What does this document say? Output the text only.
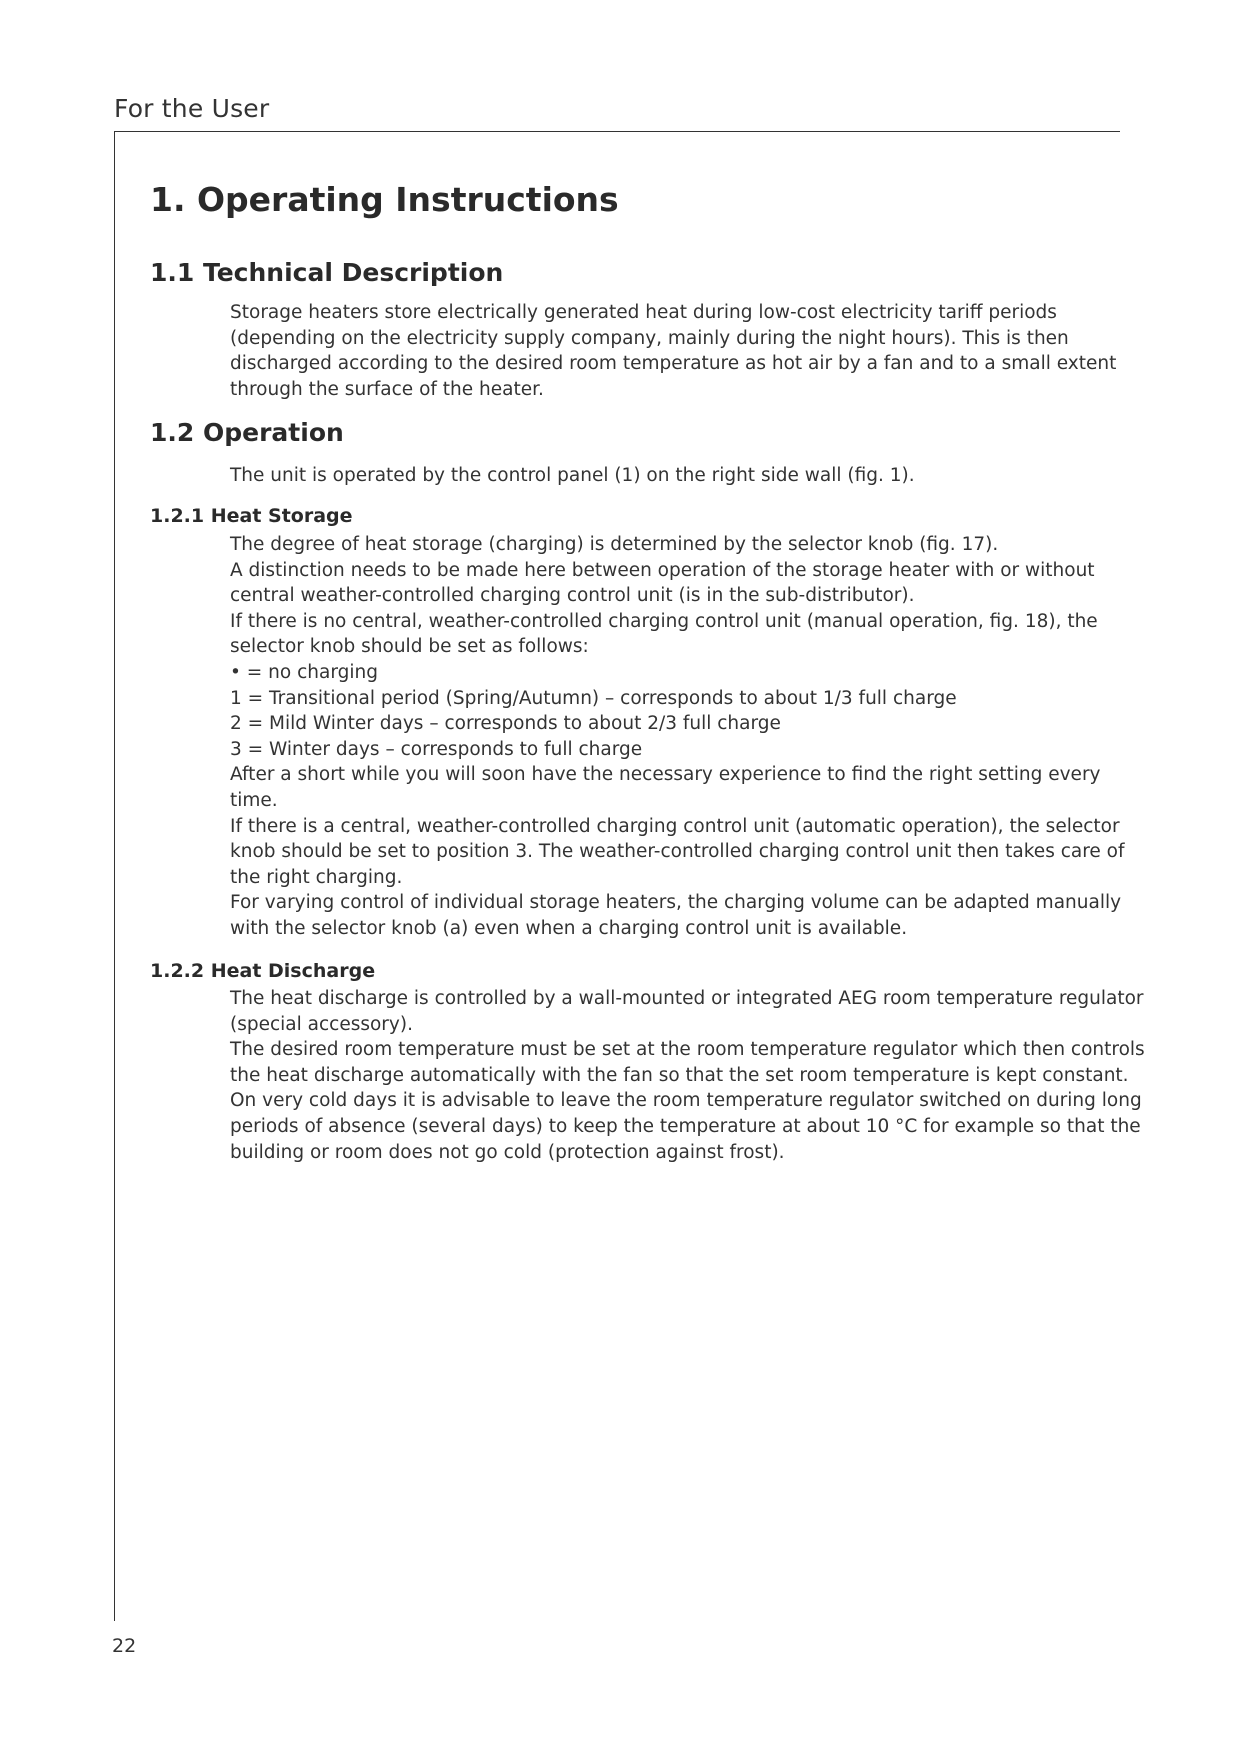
For the User
1. Operating Instructions
1.1 Technical Description
Storage heaters store electrically generated heat during low-cost electricity tariff periods
(depending on the electricity supply company, mainly during the night hours). This is then
discharged according to the desired room temperature as hot air by a fan and to a small extent
through the surface of the heater.
1.2 Operation
The unit is operated by the control panel (1) on the right side wall (fig. 1).
1.2.1 Heat Storage
The degree of heat storage (charging) is determined by the selector knob (fig. 17).
A distinction needs to be made here between operation of the storage heater with or without
central weather-controlled charging control unit (is in the sub-distributor).
If there is no central, weather-controlled charging control unit (manual operation, fig. 18), the
selector knob should be set as follows:
• = no charging
1 = Transitional period (Spring/Autumn) – corresponds to about 1/3 full charge
2 = Mild Winter days – corresponds to about 2/3 full charge
3 = Winter days – corresponds to full charge
After a short while you will soon have the necessary experience to find the right setting every
time.
If there is a central, weather-controlled charging control unit (automatic operation), the selector
knob should be set to position 3. The weather-controlled charging control unit then takes care of
the right charging.
For varying control of individual storage heaters, the charging volume can be adapted manually
with the selector knob (a) even when a charging control unit is available.
1.2.2 Heat Discharge
The heat discharge is controlled by a wall-mounted or integrated AEG room temperature regulator
(special accessory).
The desired room temperature must be set at the room temperature regulator which then controls
the heat discharge automatically with the fan so that the set room temperature is kept constant.
On very cold days it is advisable to leave the room temperature regulator switched on during long
periods of absence (several days) to keep the temperature at about 10 °C for example so that the
building or room does not go cold (protection against frost).
22
